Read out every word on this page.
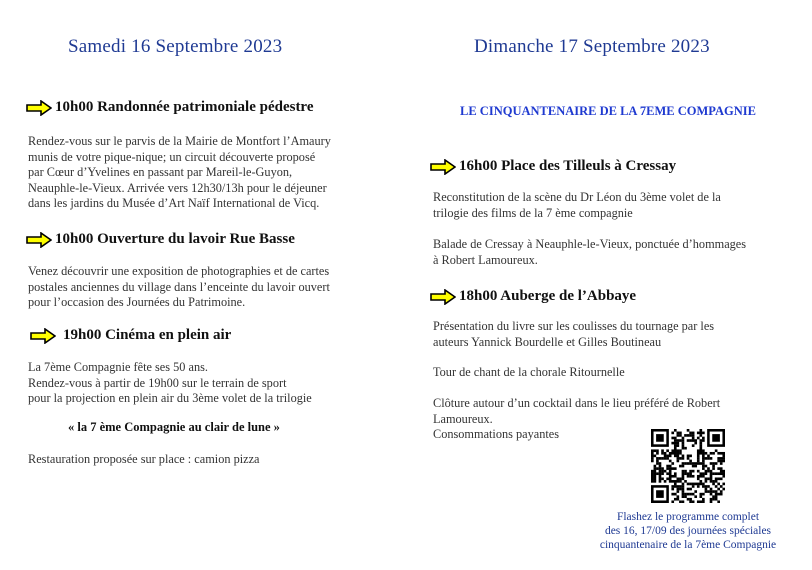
Samedi 16 Septembre 2023
10h00 Randonnée patrimoniale pédestre
Rendez-vous sur le parvis de la Mairie de Montfort l’Amaury
munis de votre pique-nique; un circuit découverte proposé
par Cœur d’Yvelines en passant par Mareil-le-Guyon,
Neauphle-le-Vieux. Arrivée vers 12h30/13h pour le déjeuner
dans les jardins du Musée d’Art Naïf International de Vicq.
10h00 Ouverture du lavoir Rue Basse
Venez découvrir une exposition de photographies et de cartes
postales anciennes du village dans l’enceinte du lavoir ouvert
pour l’occasion des Journées du Patrimoine.
19h00 Cinéma en plein air
La 7ème Compagnie fête ses 50 ans.
Rendez-vous à partir de 19h00 sur le terrain de sport
pour la projection en plein air du 3ème volet de la trilogie
« la 7 ème Compagnie au clair de lune »
Restauration proposée sur place : camion pizza
Dimanche 17 Septembre 2023
LE CINQUANTENAIRE DE LA 7EME COMPAGNIE
16h00 Place des Tilleuls à Cressay
Reconstitution de la scène du Dr Léon du 3ème volet de la
trilogie des films de la 7 ème compagnie
Balade de Cressay à Neauphle-le-Vieux, ponctuée d’hommages
à Robert Lamoureux.
18h00 Auberge de l’Abbaye
Présentation du livre sur les coulisses du tournage par les
auteurs Yannick Bourdelle et Gilles Boutineau
Tour de chant de la chorale Ritournelle
Clôture autour d’un cocktail dans le lieu préféré de Robert
Lamoureux.
Consommations payantes
Flashez le programme complet
des 16, 17/09 des journées spéciales
cinquantenaire de la 7ème Compagnie
